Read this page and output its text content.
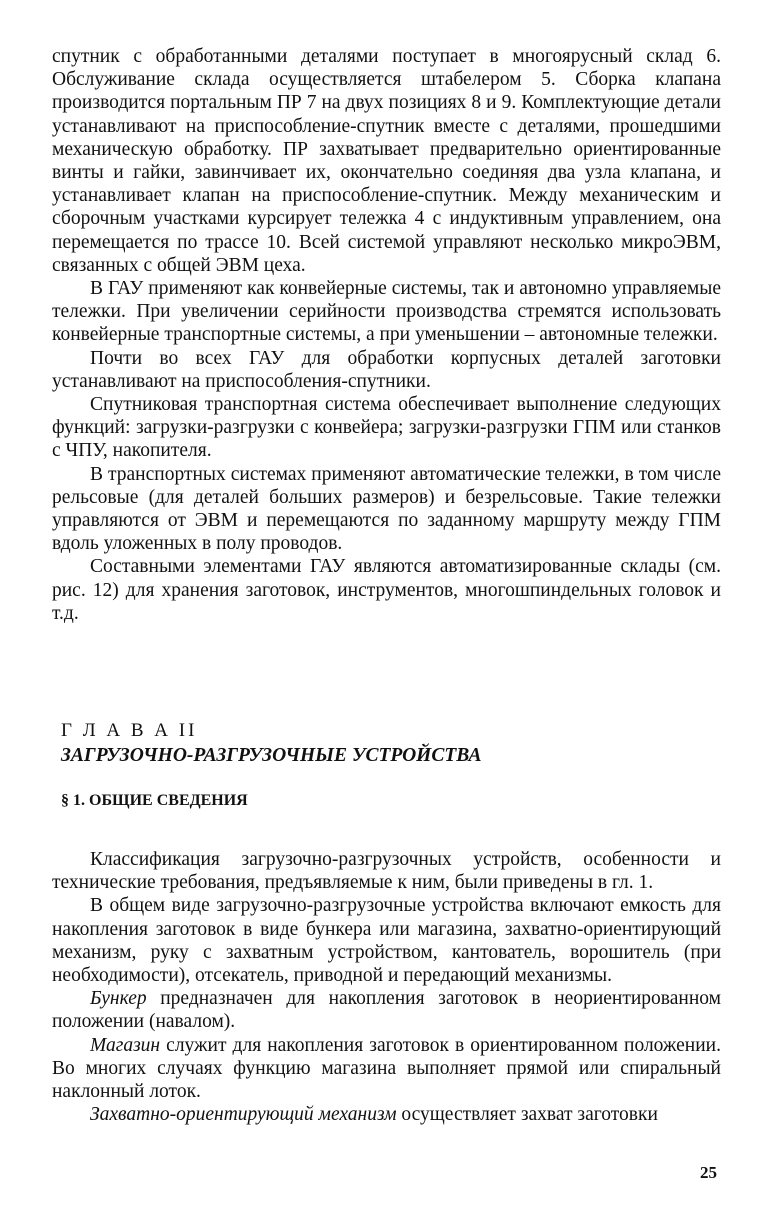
спутник с обработанными деталями поступает в многоярусный склад 6. Обслуживание склада осуществляется штабелером 5. Сборка клапана производится портальным ПР 7 на двух позициях 8 и 9. Комплектующие детали устанавливают на приспособление-спутник вместе с деталями, прошедшими механическую обработку. ПР захватывает предварительно ориентированные винты и гайки, завинчивает их, окончательно соединяя два узла клапана, и устанавливает клапан на приспособление-спутник. Между механическим и сборочным участками курсирует тележка 4 с индуктивным управлением, она перемещается по трассе 10. Всей системой управляют несколько микроЭВМ, связанных с общей ЭВМ цеха.

В ГАУ применяют как конвейерные системы, так и автономно управляемые тележки. При увеличении серийности производства стремятся использовать конвейерные транспортные системы, а при уменьшении – автономные тележки.

Почти во всех ГАУ для обработки корпусных деталей заготовки устанавливают на приспособления-спутники.

Спутниковая транспортная система обеспечивает выполнение следующих функций: загрузки-разгрузки с конвейера; загрузки-разгрузки ГПМ или станков с ЧПУ, накопителя.

В транспортных системах применяют автоматические тележки, в том числе рельсовые (для деталей больших размеров) и безрельсовые. Такие тележки управляются от ЭВМ и перемещаются по заданному маршруту между ГПМ вдоль уложенных в полу проводов.

Составными элементами ГАУ являются автоматизированные склады (см. рис. 12) для хранения заготовок, инструментов, многошпиндельных головок и т.д.

Г Л А В А II
ЗАГРУЗОЧНО-РАЗГРУЗОЧНЫЕ УСТРОЙСТВА
§ 1. ОБЩИЕ СВЕДЕНИЯ

Классификация загрузочно-разгрузочных устройств, особенности и технические требования, предъявляемые к ним, были приведены в гл. 1.

В общем виде загрузочно-разгрузочные устройства включают емкость для накопления заготовок в виде бункера или магазина, захватно-ориентирующий механизм, руку с захватным устройством, кантователь, ворошитель (при необходимости), отсекатель, приводной и передающий механизмы.

Бункер предназначен для накопления заготовок в неориентированном положении (навалом).

Магазин служит для накопления заготовок в ориентированном положении. Во многих случаях функцию магазина выполняет прямой или спиральный наклонный лоток.

Захватно-ориентирующий механизм осуществляет захват заготовки

25
